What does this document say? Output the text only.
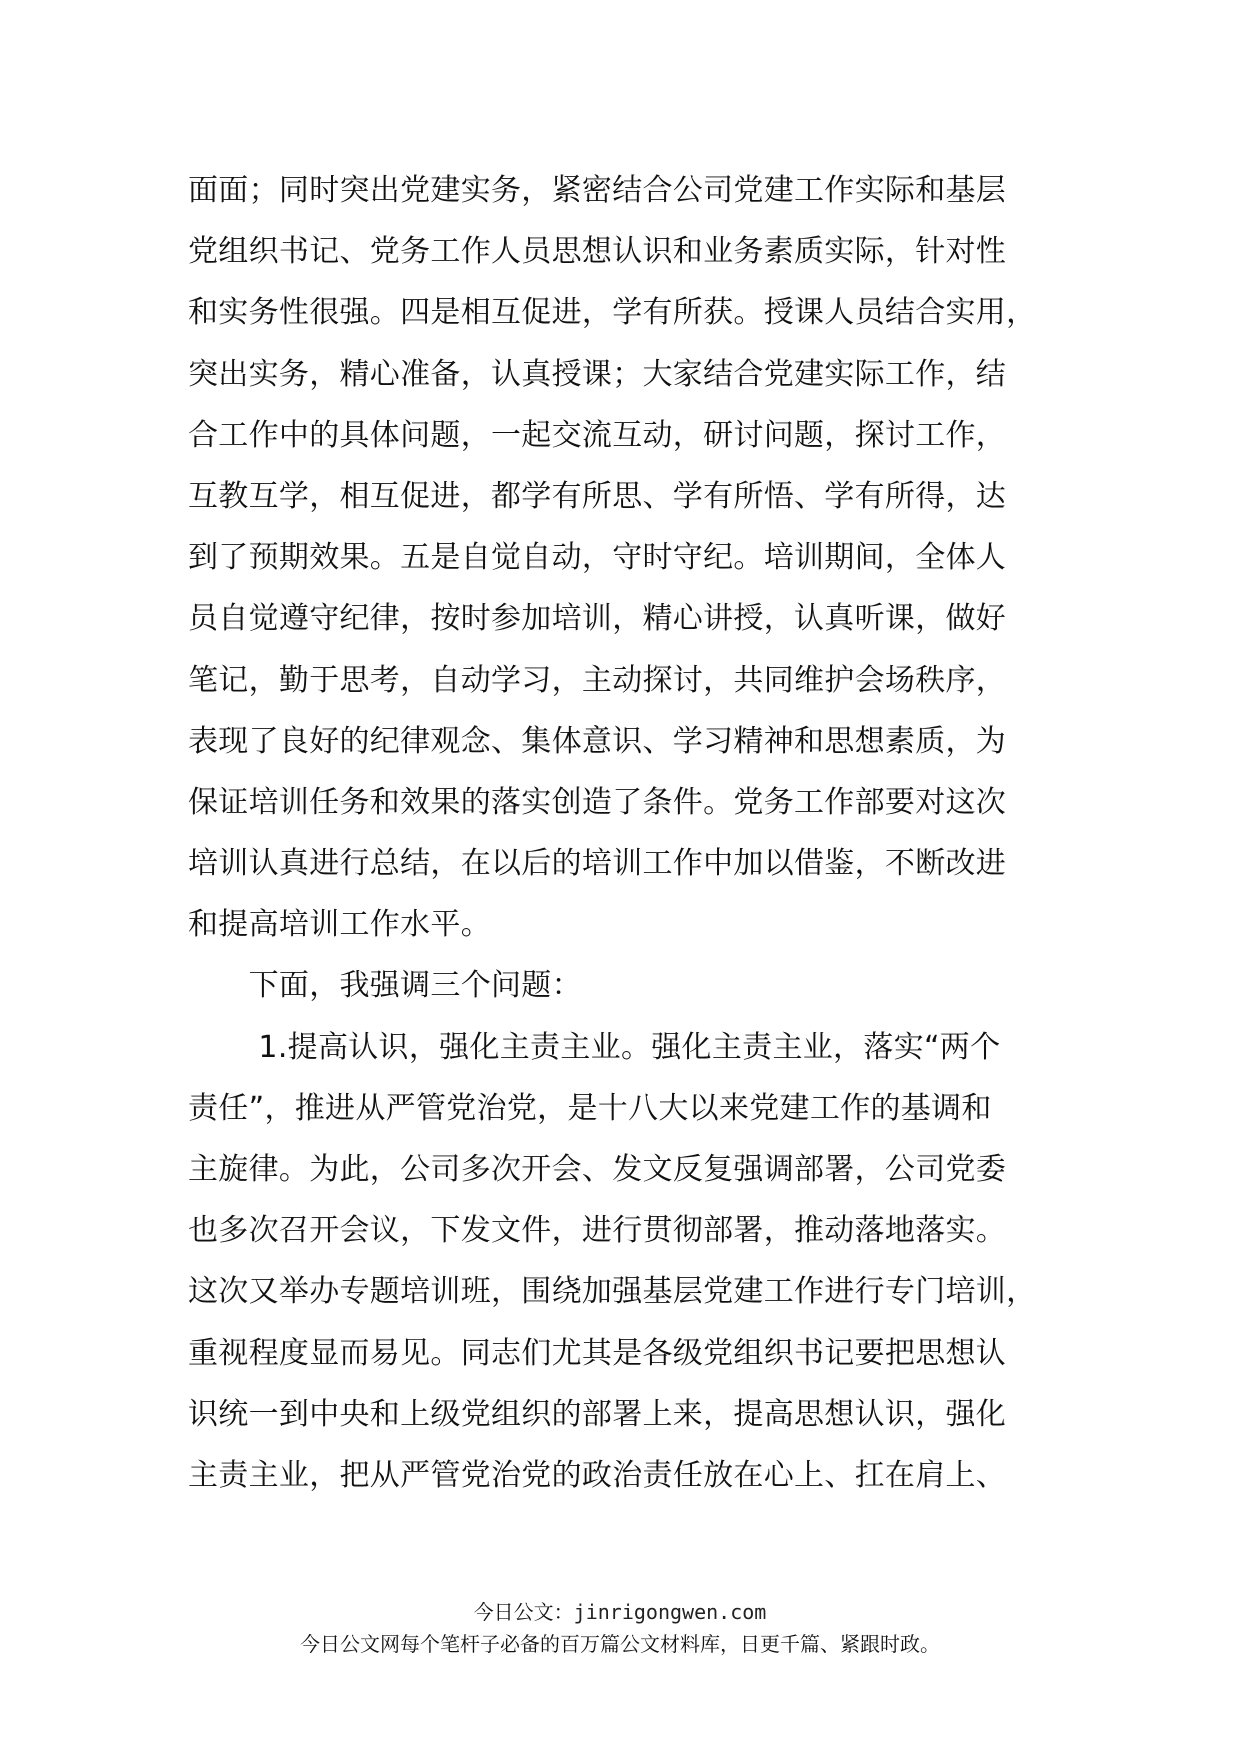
面面；同时突出党建实务，紧密结合公司党建工作实际和基层
党组织书记、党务工作人员思想认识和业务素质实际，针对性
和实务性很强。四是相互促进，学有所获。授课人员结合实用，
突出实务，精心准备，认真授课；大家结合党建实际工作，结
合工作中的具体问题，一起交流互动，研讨问题，探讨工作，
互教互学，相互促进，都学有所思、学有所悟、学有所得，达
到了预期效果。五是自觉自动，守时守纪。培训期间，全体人
员自觉遵守纪律，按时参加培训，精心讲授，认真听课，做好
笔记，勤于思考，自动学习，主动探讨，共同维护会场秩序，
表现了良好的纪律观念、集体意识、学习精神和思想素质，为
保证培训任务和效果的落实创造了条件。党务工作部要对这次
培训认真进行总结，在以后的培训工作中加以借鉴，不断改进
和提高培训工作水平。
　　下面，我强调三个问题：
　　 1.提高认识，强化主责主业。强化主责主业，落实“两个
责任”，推进从严管党治党，是十八大以来党建工作的基调和
主旋律。为此，公司多次开会、发文反复强调部署，公司党委
也多次召开会议，下发文件，进行贯彻部署，推动落地落实。
这次又举办专题培训班，围绕加强基层党建工作进行专门培训，
重视程度显而易见。同志们尤其是各级党组织书记要把思想认
识统一到中央和上级党组织的部署上来，提高思想认识，强化
主责主业，把从严管党治党的政治责任放在心上、扛在肩上、
今日公文：jinrigongwen.com
今日公文网每个笔杆子必备的百万篇公文材料库，日更千篇、紧跟时政。
